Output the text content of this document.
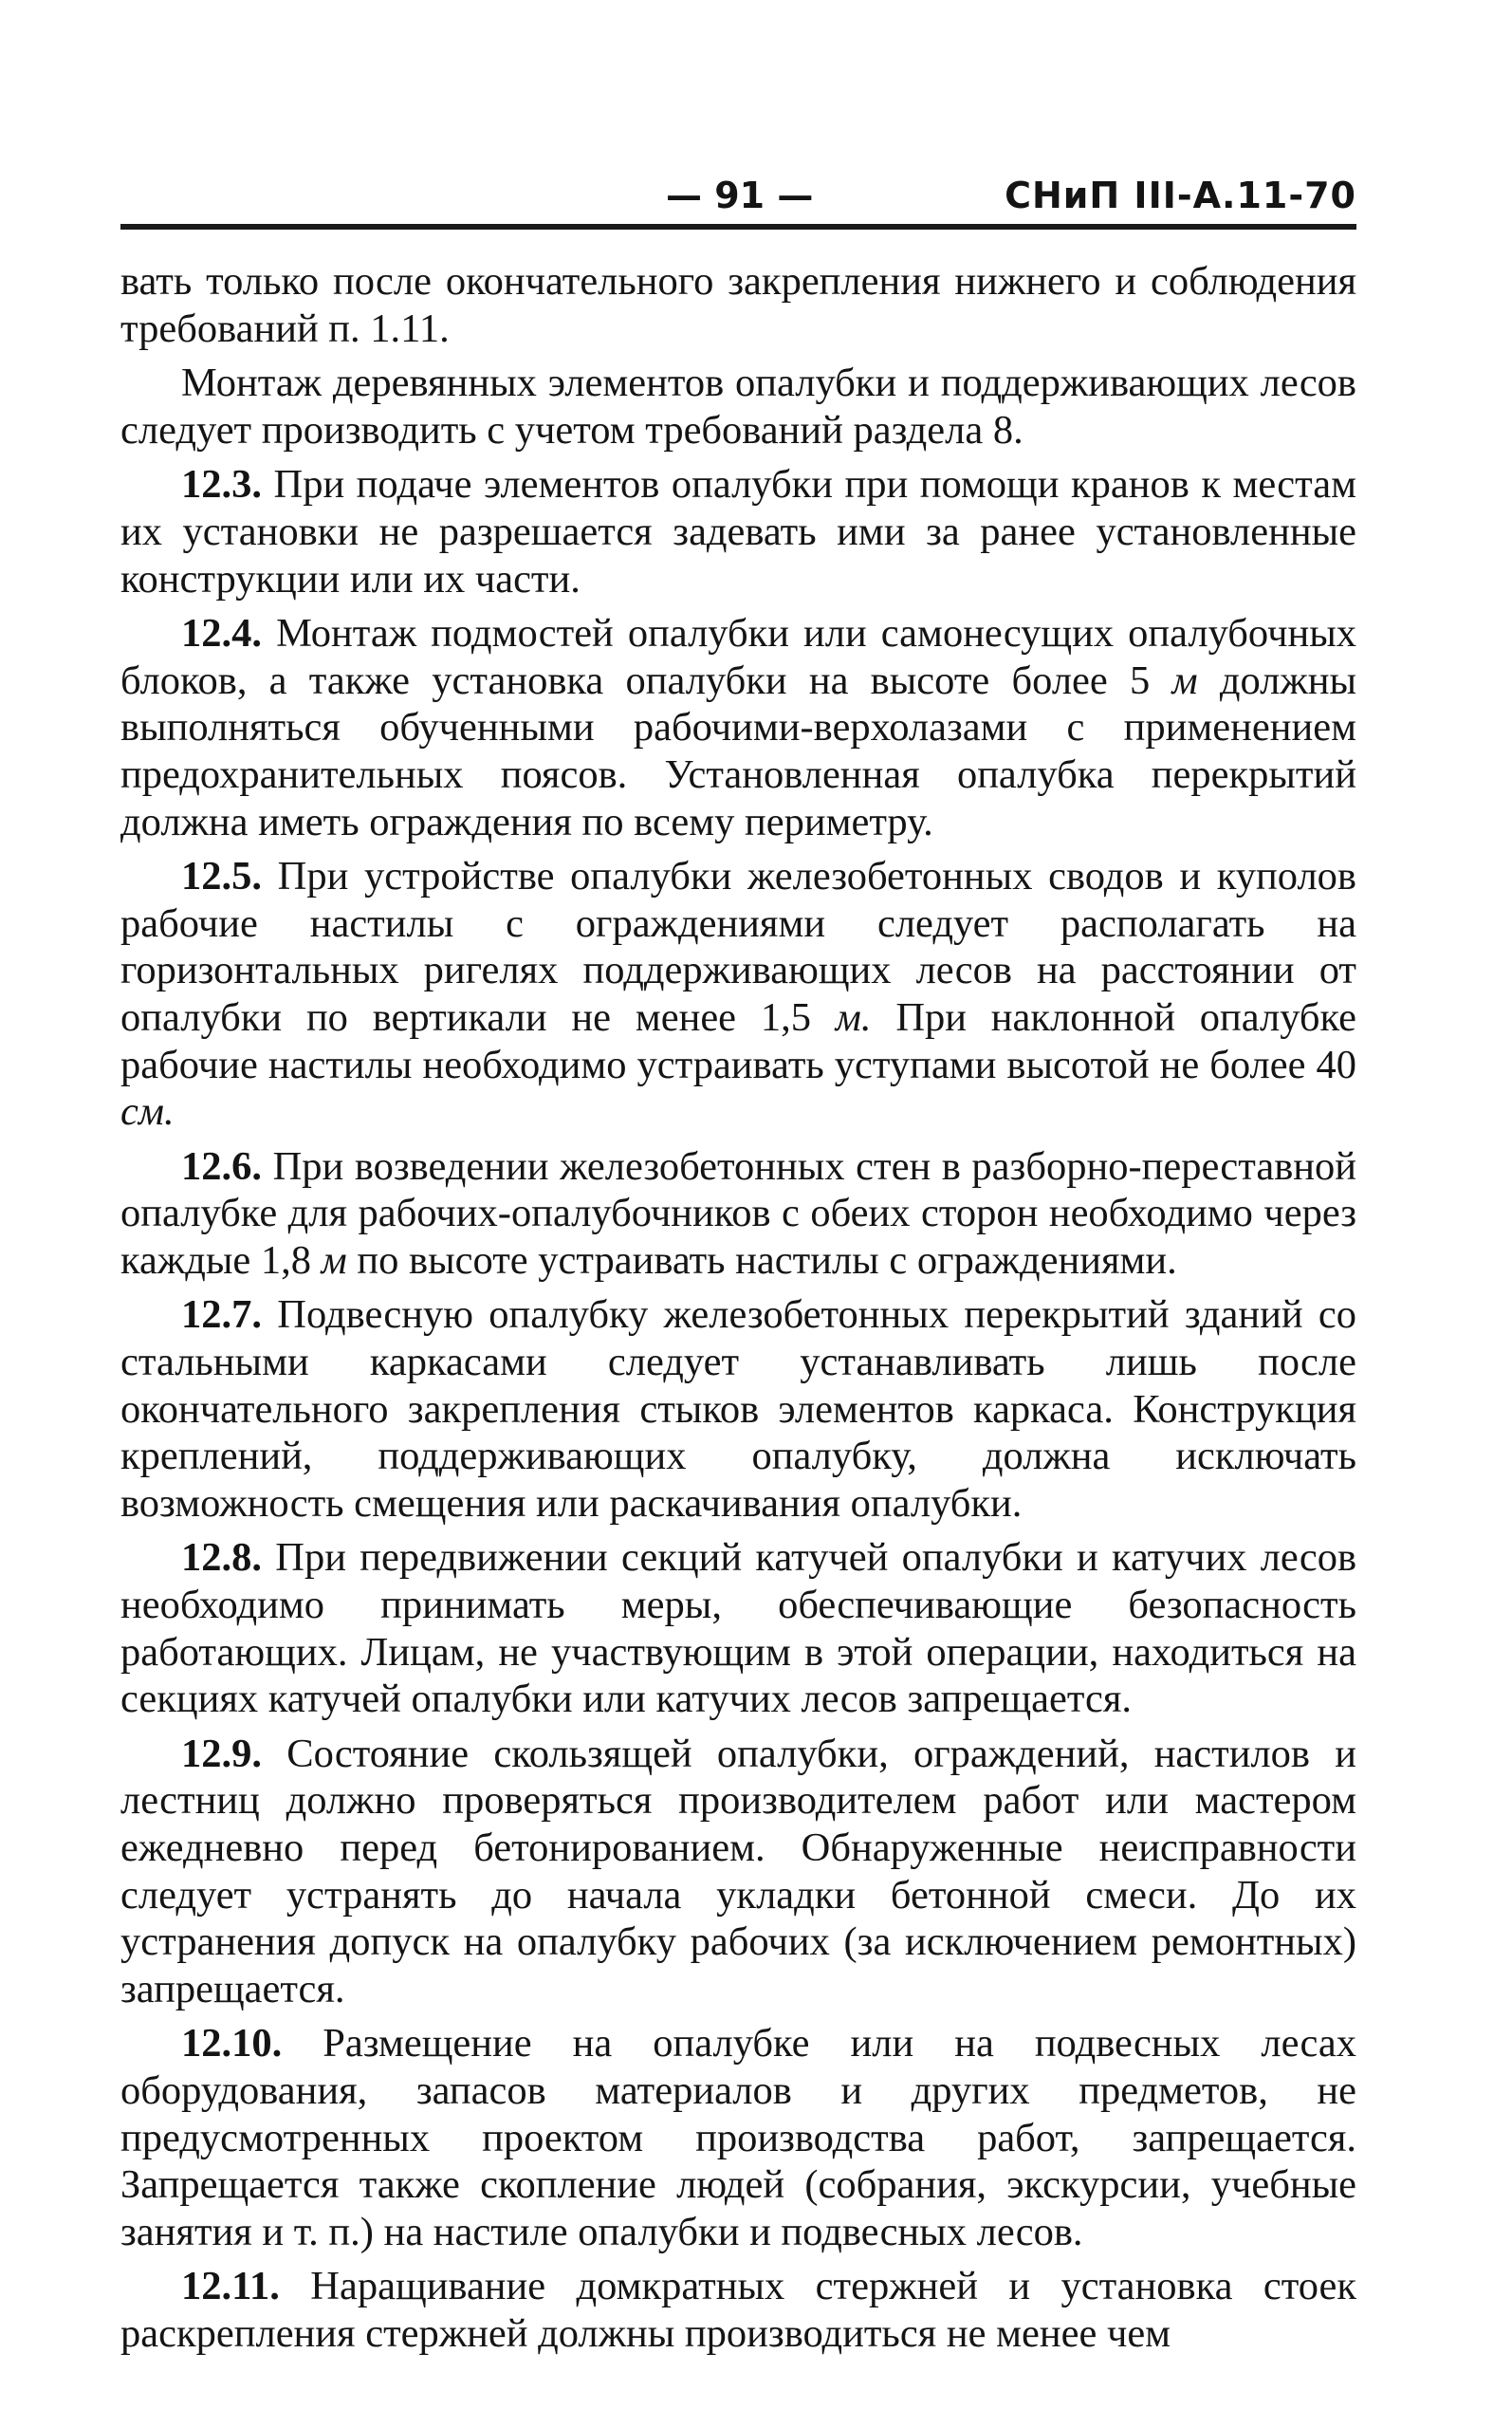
— 91 —	СНиП III-А.11-70

вать только после окончательного закрепления нижнего и соблюдения требований п. 1.11.

Монтаж деревянных элементов опалубки и поддерживающих лесов следует производить с учетом требований раздела 8.

12.3. При подаче элементов опалубки при помощи кранов к местам их установки не разрешается задевать ими за ранее установленные конструкции или их части.

12.4. Монтаж подмостей опалубки или самонесущих опалубочных блоков, а также установка опалубки на высоте более 5 м должны выполняться обученными рабочими-верхолазами с применением предохранительных поясов. Установленная опалубка перекрытий должна иметь ограждения по всему периметру.

12.5. При устройстве опалубки железобетонных сводов и куполов рабочие настилы с ограждениями следует располагать на горизонтальных ригелях поддерживающих лесов на расстоянии от опалубки по вертикали не менее 1,5 м. При наклонной опалубке рабочие настилы необходимо устраивать уступами высотой не более 40 см.

12.6. При возведении железобетонных стен в разборно-переставной опалубке для рабочих-опалубочников с обеих сторон необходимо через каждые 1,8 м по высоте устраивать настилы с ограждениями.

12.7. Подвесную опалубку железобетонных перекрытий зданий со стальными каркасами следует устанавливать лишь после окончательного закрепления стыков элементов каркаса. Конструкция креплений, поддерживающих опалубку, должна исключать возможность смещения или раскачивания опалубки.

12.8. При передвижении секций катучей опалубки и катучих лесов необходимо принимать меры, обеспечивающие безопасность работающих. Лицам, не участвующим в этой операции, находиться на секциях катучей опалубки или катучих лесов запрещается.

12.9. Состояние скользящей опалубки, ограждений, настилов и лестниц должно проверяться производителем работ или мастером ежедневно перед бетонированием. Обнаруженные неисправности следует устранять до начала укладки бетонной смеси. До их устранения допуск на опалубку рабочих (за исключением ремонтных) запрещается.

12.10. Размещение на опалубке или на подвесных лесах оборудования, запасов материалов и других предметов, не предусмотренных проектом производства работ, запрещается. Запрещается также скопление людей (собрания, экскурсии, учебные занятия и т. п.) на настиле опалубки и подвесных лесов.

12.11. Наращивание домкратных стержней и установка стоек раскрепления стержней должны производиться не менее чем
